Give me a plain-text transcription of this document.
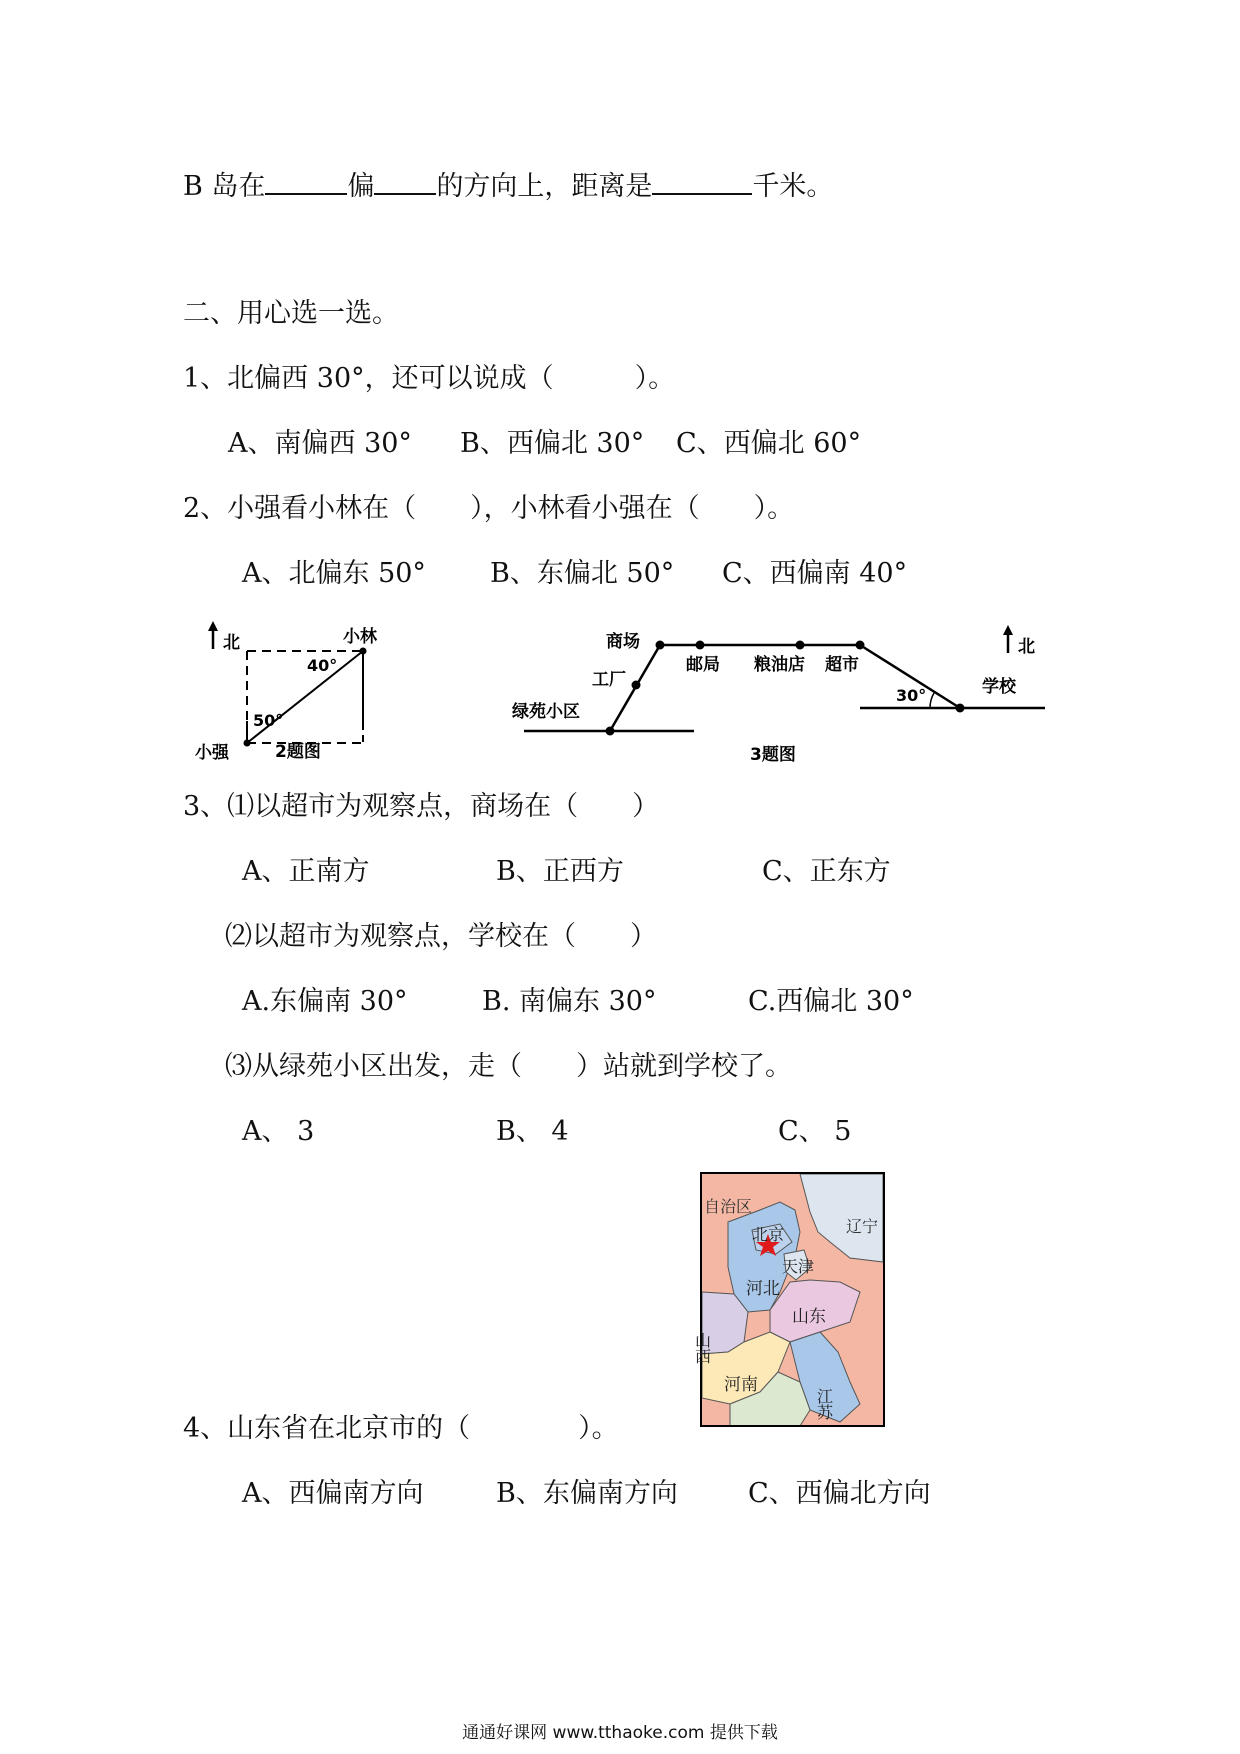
B 岛在	偏 的方向上，距离是	千米。
二、用心选一选。
1、北偏西 30°，还可以说成（　　　）。
A、南偏西 30° B、西偏北 30° C、西偏北 60°
2、小强看小林在（　　），小林看小强在（　　）。
A、北偏东 50° B、东偏北 50° C、西偏南 40°
北	小林
小强
50°
40°
2题图
商场
工厂
绿苑小区
邮局 粮油店 超市
学校
30°
北
3题图
3、⑴以超市为观察点，商场在（　　）
A、正南方	B、正西方	C、正东方
⑵以超市为观察点，学校在（　　）
A.东偏南 30°	B. 南偏东 30°	C.西偏北 30°
⑶从绿苑小区出发，走（　　）站就到学校了。
A、 3	B、 4	C、 5
自治区
北京	辽宁
天津
河北
山东
山西
河南
江苏
4、山东省在北京市的（　　　　）。
A、西偏南方向	B、东偏南方向	C、西偏北方向
通通好课网 www.tthaoke.com 提供下载
